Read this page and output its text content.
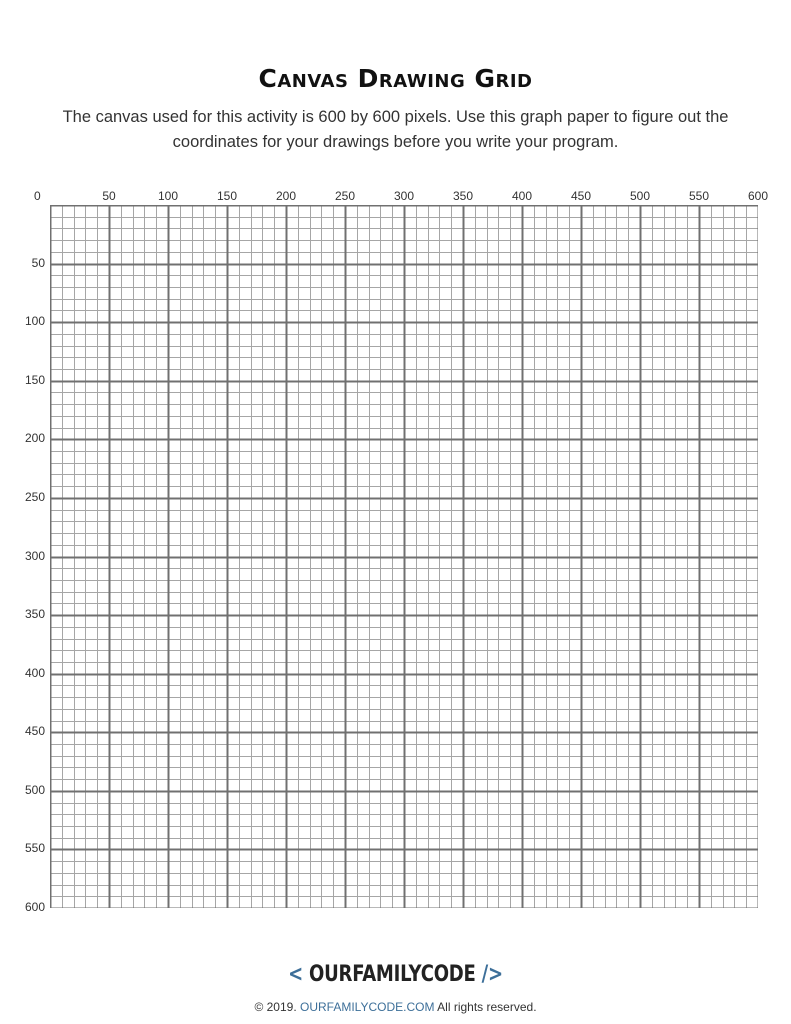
Canvas Drawing Grid
The canvas used for this activity is 600 by 600 pixels. Use this graph paper to figure out the
coordinates for your drawings before you write your program.
0	50	100	150	200	250	300	350	400	450	500	550	600
50
100
150
200
250
300
350
400
450
500
550
600
< OURFAMILYCODE />
© 2019. OURFAMILYCODE.COM All rights reserved.
